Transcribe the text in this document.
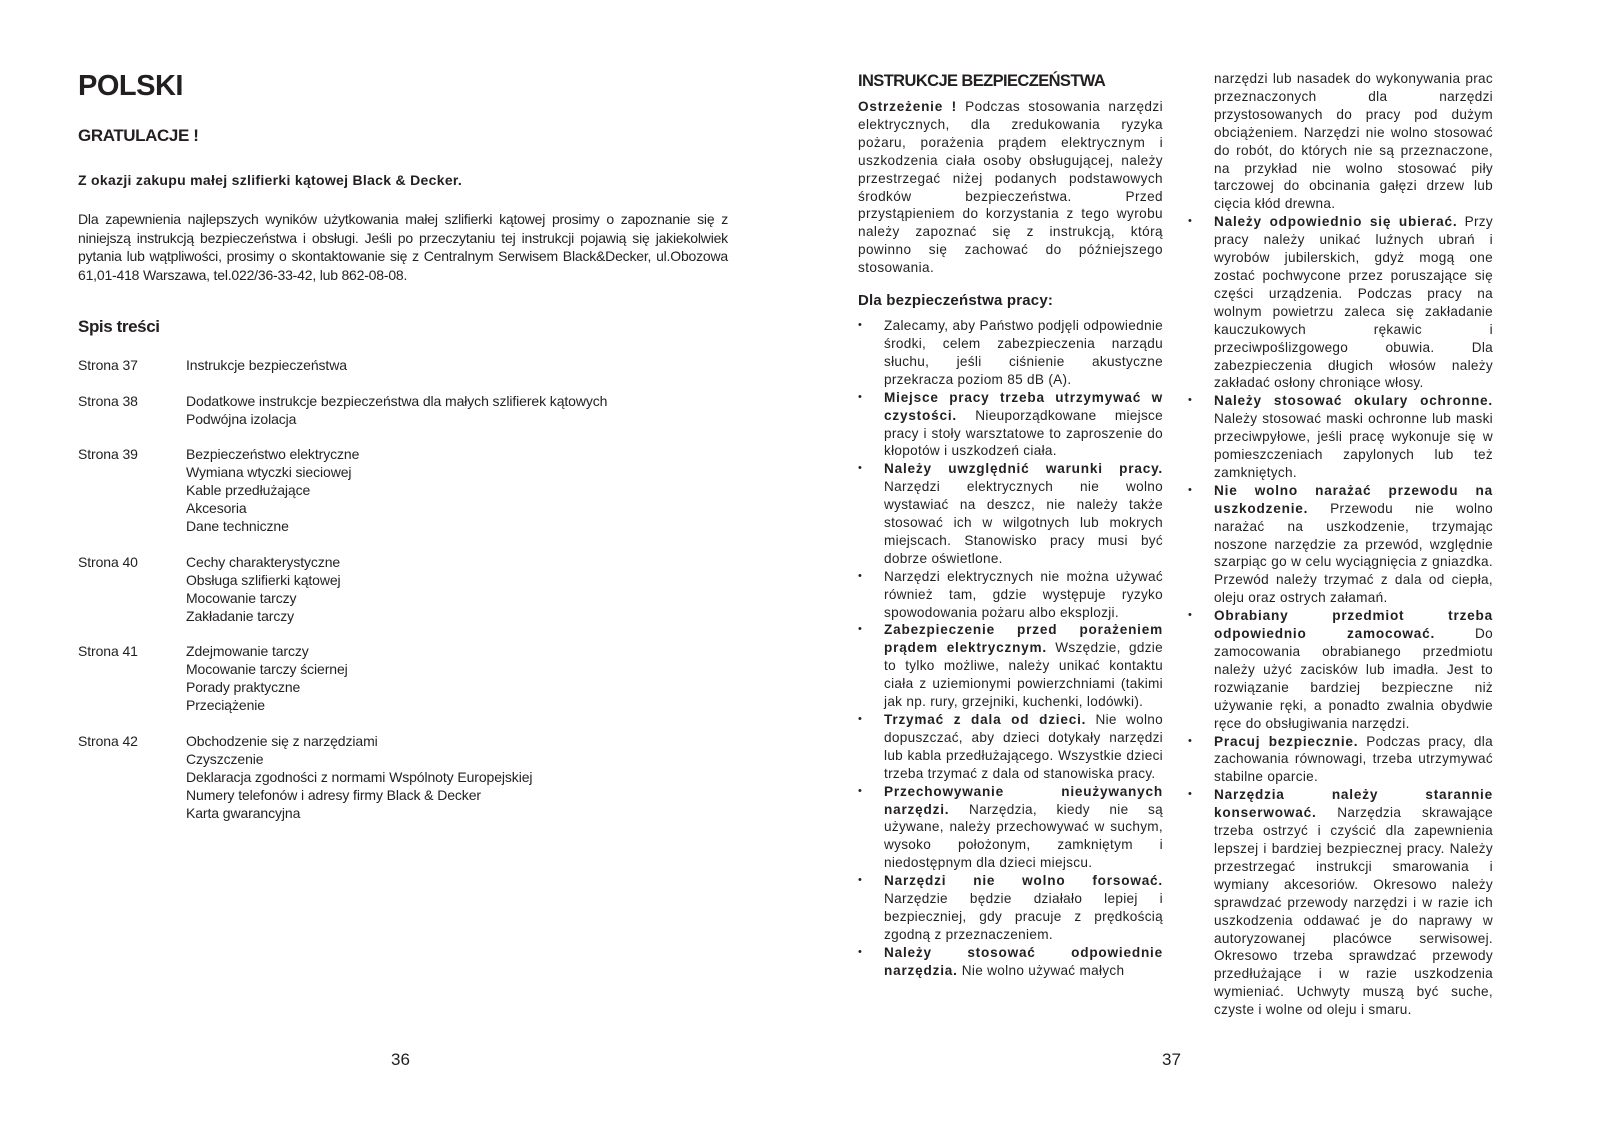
POLSKI
GRATULACJE !

Z okazji zakupu małej szlifierki kątowej Black & Decker.

Dla zapewnienia najlepszych wyników użytkowania małej szlifierki kątowej prosimy o zapoznanie się z niniejszą instrukcją bezpieczeństwa i obsługi. Jeśli po przeczytaniu tej instrukcji pojawią się jakiekolwiek pytania lub wątpliwości, prosimy o skontaktowanie się z Centralnym Serwisem Black&Decker, ul.Obozowa 61,01-418 Warszawa, tel.022/36-33-42, lub 862-08-08.

Spis treści
Strona 37	Instrukcje bezpieczeństwa
Strona 38	Dodatkowe instrukcje bezpieczeństwa dla małych szlifierek kątowych
Podwójna izolacja
Strona 39	Bezpieczeństwo elektryczne
Wymiana wtyczki sieciowej
Kable przedłużające
Akcesoria
Dane techniczne
Strona 40	Cechy charakterystyczne
Obsługa szlifierki kątowej
Mocowanie tarczy
Zakładanie tarczy
Strona 41	Zdejmowanie tarczy
Mocowanie tarczy ściernej
Porady praktyczne
Przeciążenie
Strona 42	Obchodzenie się z narzędziami
Czyszczenie
Deklaracja zgodności z normami Wspólnoty Europejskiej
Numery telefonów i adresy firmy Black & Decker
Karta gwarancyjna
36
INSTRUKCJE BEZPIECZEŃSTWA

Ostrzeżenie ! Podczas stosowania narzędzi elektrycznych, dla zredukowania ryzyka pożaru, porażenia prądem elektrycznym i uszkodzenia ciała osoby obsługującej, należy przestrzegać niżej podanych podstawowych środków bezpieczeństwa. Przed przystąpieniem do korzystania z tego wyrobu należy zapoznać się z instrukcją, którą powinno się zachować do późniejszego stosowania.

Dla bezpieczeństwa pracy:
• Zalecamy, aby Państwo podjęli odpowiednie środki, celem zabezpieczenia narządu słuchu, jeśli ciśnienie akustyczne przekracza poziom 85 dB (A).
• Miejsce pracy trzeba utrzymywać w czystości. Nieuporządkowane miejsce pracy i stoły warsztatowe to zaproszenie do kłopotów i uszkodzeń ciała.
• Należy uwzględnić warunki pracy. Narzędzi elektrycznych nie wolno wystawiać na deszcz, nie należy także stosować ich w wilgotnych lub mokrych miejscach. Stanowisko pracy musi być dobrze oświetlone.
• Narzędzi elektrycznych nie można używać również tam, gdzie występuje ryzyko spowodowania pożaru albo eksplozji.
• Zabezpieczenie przed porażeniem prądem elektrycznym. Wszędzie, gdzie to tylko możliwe, należy unikać kontaktu ciała z uziemionymi powierzchniami (takimi jak np. rury, grzejniki, kuchenki, lodówki).
• Trzymać z dala od dzieci. Nie wolno dopuszczać, aby dzieci dotykały narzędzi lub kabla przedłużającego. Wszystkie dzieci trzeba trzymać z dala od stanowiska pracy.
• Przechowywanie nieużywanych narzędzi. Narzędzia, kiedy nie są używane, należy przechowywać w suchym, wysoko położonym, zamkniętym i niedostępnym dla dzieci miejscu.
• Narzędzi nie wolno forsować. Narzędzie będzie działało lepiej i bezpieczniej, gdy pracuje z prędkością zgodną z przeznaczeniem.
• Należy stosować odpowiednie narzędzia. Nie wolno używać małych
narzędzi lub nasadek do wykonywania prac przeznaczonych dla narzędzi przystosowanych do pracy pod dużym obciążeniem. Narzędzi nie wolno stosować do robót, do których nie są przeznaczone, na przykład nie wolno stosować piły tarczowej do obcinania gałęzi drzew lub cięcia kłód drewna.
• Należy odpowiednio się ubierać. Przy pracy należy unikać luźnych ubrań i wyrobów jubilerskich, gdyż mogą one zostać pochwycone przez poruszające się części urządzenia. Podczas pracy na wolnym powietrzu zaleca się zakładanie kauczukowych rękawic i przeciwpoślizgowego obuwia. Dla zabezpieczenia długich włosów należy zakładać osłony chroniące włosy.
• Należy stosować okulary ochronne. Należy stosować maski ochronne lub maski przeciwpyłowe, jeśli pracę wykonuje się w pomieszczeniach zapylonych lub też zamkniętych.
• Nie wolno narażać przewodu na uszkodzenie. Przewodu nie wolno narażać na uszkodzenie, trzymając noszone narzędzie za przewód, względnie szarpiąc go w celu wyciągnięcia z gniazdka. Przewód należy trzymać z dala od ciepła, oleju oraz ostrych załamań.
• Obrabiany przedmiot trzeba odpowiednio zamocować. Do zamocowania obrabianego przedmiotu należy użyć zacisków lub imadła. Jest to rozwiązanie bardziej bezpieczne niż używanie ręki, a ponadto zwalnia obydwie ręce do obsługiwania narzędzi.
• Pracuj bezpiecznie. Podczas pracy, dla zachowania równowagi, trzeba utrzymywać stabilne oparcie.
• Narzędzia należy starannie konserwować. Narzędzia skrawające trzeba ostrzyć i czyścić dla zapewnienia lepszej i bardziej bezpiecznej pracy. Należy przestrzegać instrukcji smarowania i wymiany akcesoriów. Okresowo należy sprawdzać przewody narzędzi i w razie ich uszkodzenia oddawać je do naprawy w autoryzowanej placówce serwisowej. Okresowo trzeba sprawdzać przewody przedłużające i w razie uszkodzenia wymieniać. Uchwyty muszą być suche, czyste i wolne od oleju i smaru.
37
